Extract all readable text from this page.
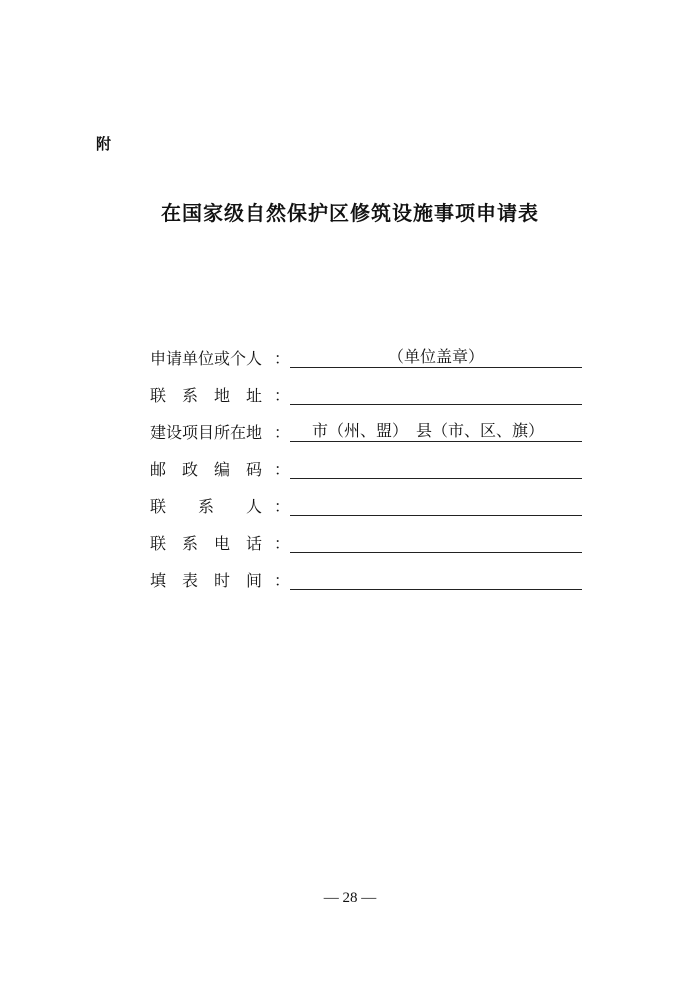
附
在国家级自然保护区修筑设施事项申请表
申请单位或个人 ：	（单位盖章）
联　系　地　址 ：
建设项目所在地 ：	市（州、盟）　县（市、区、旗）
邮　政　编　码 ：
联　　系　　人 ：
联　系　电　话 ：
填　表　时　间 ：
— 28 —
